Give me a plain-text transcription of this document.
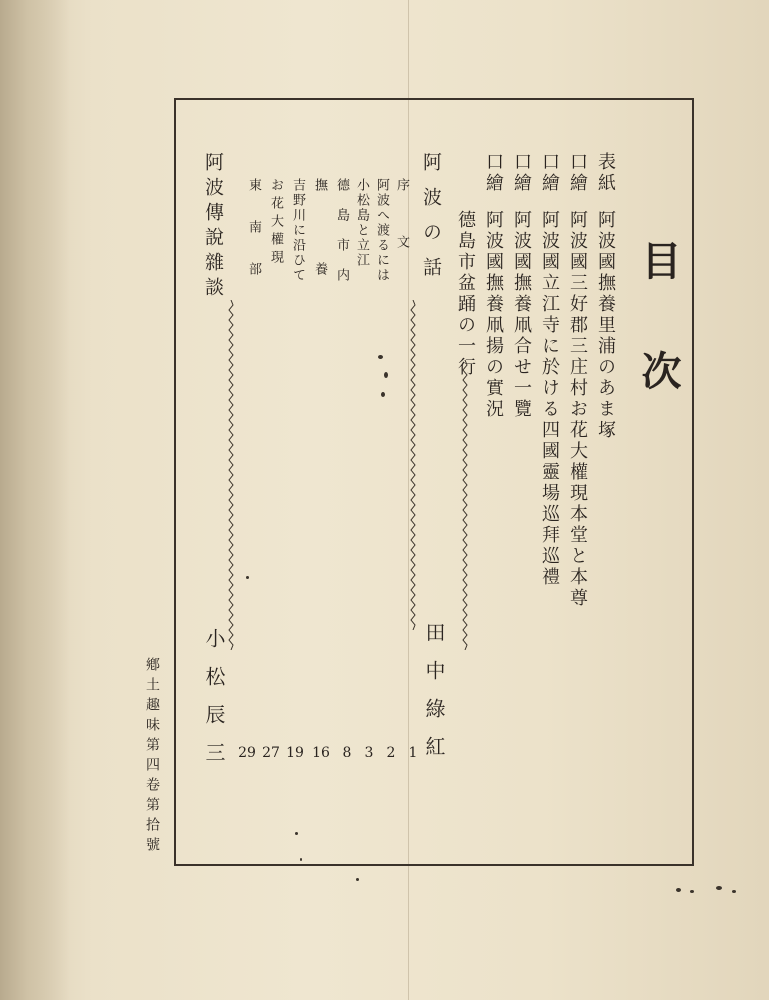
目次
表紙
阿波國撫養里浦のあま塚
口繪
阿波國三好郡三庄村お花大權現本堂と本尊
口繪
阿波國立江寺に於ける四國靈場巡拜巡禮
口繪
阿波國撫養凧合せ一覽
口繪
阿波國撫養凧揚の實況
德島市盆踊の一行
阿波の話
田中綠紅
序　　文
阿波へ渡るには
小松島と立江
德　島　市　内
撫　　　養
吉野川に沿ひて
お花大權現
東　南　部
1
2
3
8
16
19
27
29
阿波傳說雜談
小松辰三
鄕土趣味第四卷第拾號
